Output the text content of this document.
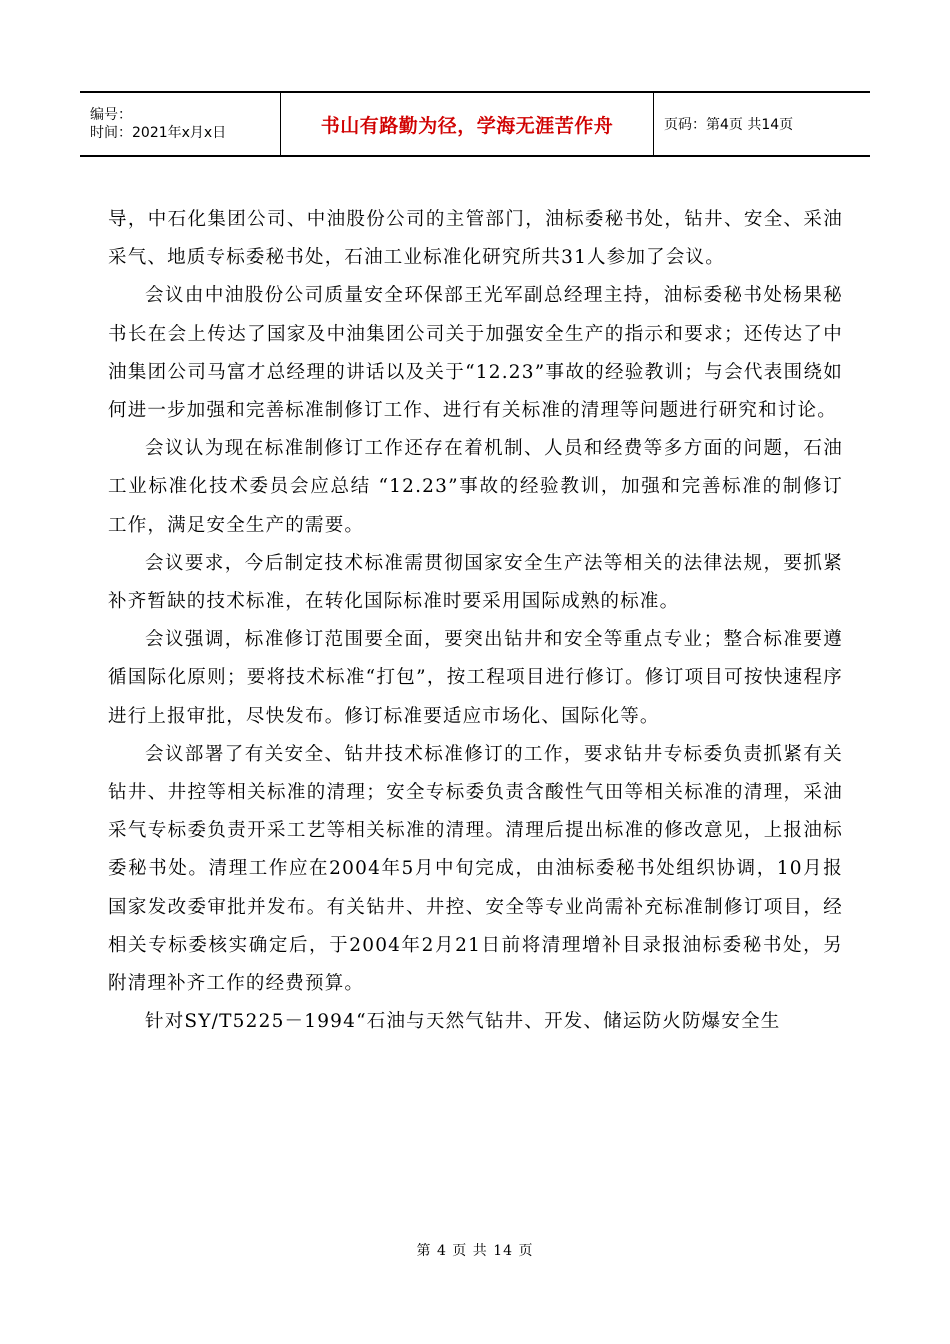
编号：
时间：2021年x月x日	书山有路勤为径，学海无涯苦作舟	页码：第4页 共14页

导，中石化集团公司、中油股份公司的主管部门，油标委秘书处，钻井、安全、采油采气、地质专标委秘书处，石油工业标准化研究所共31人参加了会议。

会议由中油股份公司质量安全环保部王光军副总经理主持，油标委秘书处杨果秘书长在会上传达了国家及中油集团公司关于加强安全生产的指示和要求；还传达了中油集团公司马富才总经理的讲话以及关于“12.23”事故的经验教训；与会代表围绕如何进一步加强和完善标准制修订工作、进行有关标准的清理等问题进行研究和讨论。

会议认为现在标准制修订工作还存在着机制、人员和经费等多方面的问题，石油工业标准化技术委员会应总结 “12.23”事故的经验教训，加强和完善标准的制修订工作，满足安全生产的需要。

会议要求，今后制定技术标准需贯彻国家安全生产法等相关的法律法规，要抓紧补齐暂缺的技术标准，在转化国际标准时要采用国际成熟的标准。

会议强调，标准修订范围要全面，要突出钻井和安全等重点专业；整合标准要遵循国际化原则；要将技术标准“打包”，按工程项目进行修订。修订项目可按快速程序进行上报审批，尽快发布。修订标准要适应市场化、国际化等。

会议部署了有关安全、钻井技术标准修订的工作，要求钻井专标委负责抓紧有关钻井、井控等相关标准的清理；安全专标委负责含酸性气田等相关标准的清理，采油采气专标委负责开采工艺等相关标准的清理。清理后提出标准的修改意见，上报油标委秘书处。清理工作应在2004年5月中旬完成，由油标委秘书处组织协调，10月报国家发改委审批并发布。有关钻井、井控、安全等专业尚需补充标准制修订项目，经相关专标委核实确定后，于2004年2月21日前将清理增补目录报油标委秘书处，另附清理补齐工作的经费预算。

针对SY/T5225－1994“石油与天然气钻井、开发、储运防火防爆安全生

第 4 页 共 14 页
